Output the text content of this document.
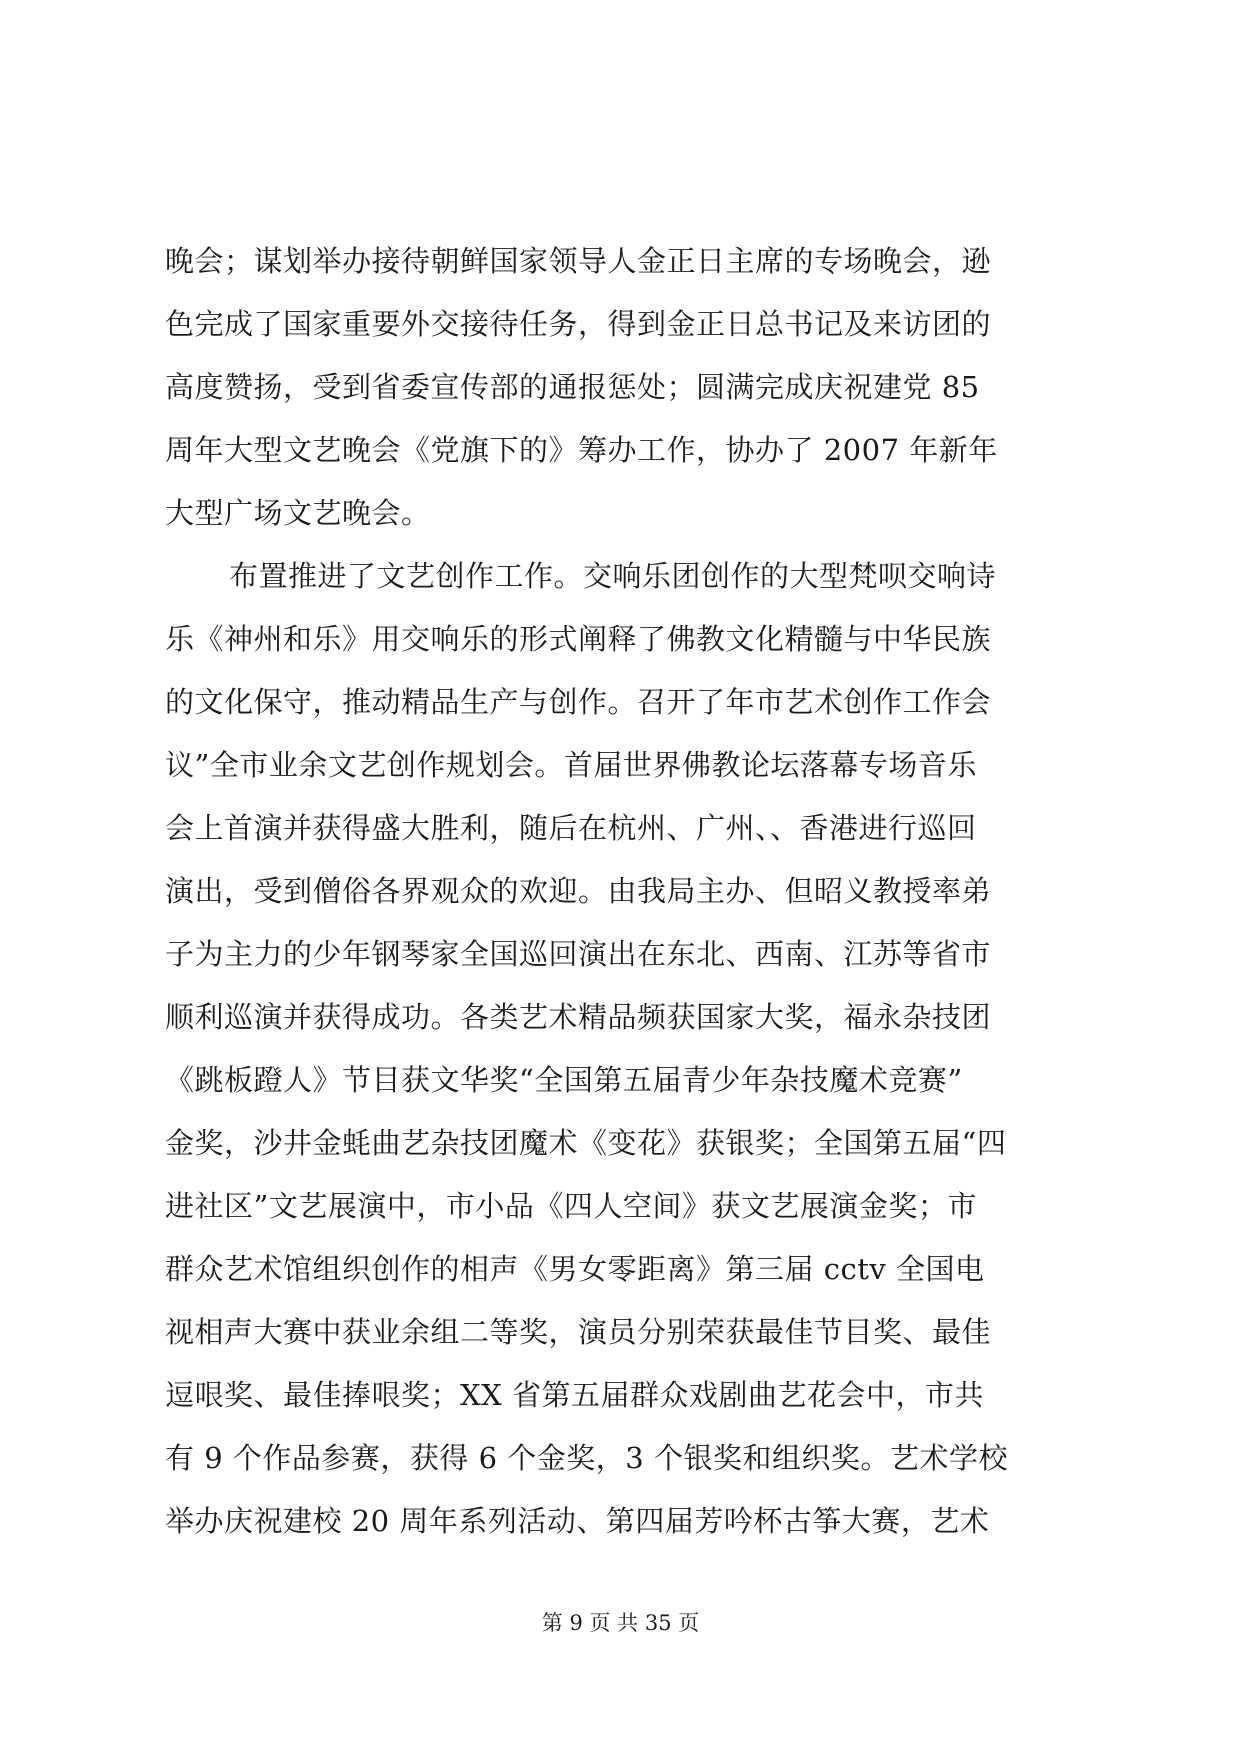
晚会；谋划举办接待朝鲜国家领导人金正日主席的专场晚会，逊
色完成了国家重要外交接待任务，得到金正日总书记及来访团的
高度赞扬，受到省委宣传部的通报惩处；圆满完成庆祝建党 85
周年大型文艺晚会《党旗下的》筹办工作，协办了 2007 年新年
大型广场文艺晚会。
布置推进了文艺创作工作。交响乐团创作的大型梵呗交响诗
乐《神州和乐》用交响乐的形式阐释了佛教文化精髓与中华民族
的文化保守，推动精品生产与创作。召开了年市艺术创作工作会
议”全市业余文艺创作规划会。首届世界佛教论坛落幕专场音乐
会上首演并获得盛大胜利，随后在杭州、广州、、香港进行巡回
演出，受到僧俗各界观众的欢迎。由我局主办、但昭义教授率弟
子为主力的少年钢琴家全国巡回演出在东北、西南、江苏等省市
顺利巡演并获得成功。各类艺术精品频获国家大奖，福永杂技团
《跳板蹬人》节目获文华奖“全国第五届青少年杂技魔术竞赛”
金奖，沙井金蚝曲艺杂技团魔术《变花》获银奖；全国第五届“四
进社区”文艺展演中，市小品《四人空间》获文艺展演金奖；市
群众艺术馆组织创作的相声《男女零距离》第三届 cctv 全国电
视相声大赛中获业余组二等奖，演员分别荣获最佳节目奖、最佳
逗哏奖、最佳捧哏奖；XX 省第五届群众戏剧曲艺花会中，市共
有 9 个作品参赛，获得 6 个金奖，3 个银奖和组织奖。艺术学校
举办庆祝建校 20 周年系列活动、第四届芳吟杯古筝大赛，艺术
第 9 页 共 35 页
